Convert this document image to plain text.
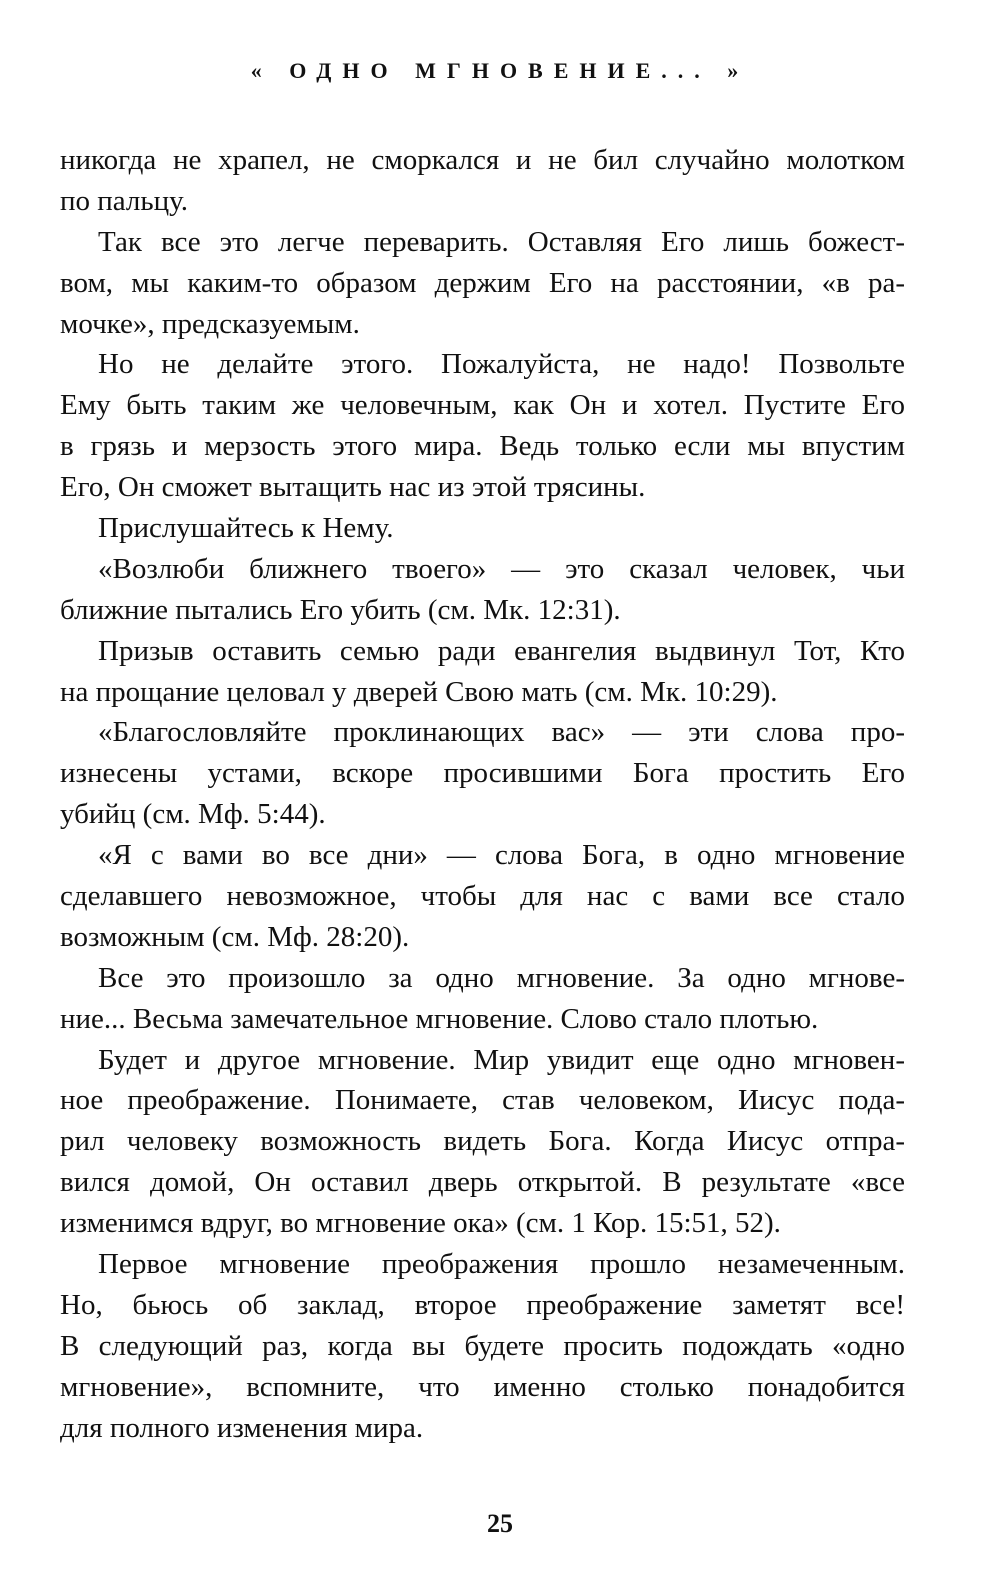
« ОДНО МГНОВЕНИЕ... »
никогда не храпел, не сморкался и не бил случайно молотком
по пальцу.
Так все это легче переварить. Оставляя Его лишь божест-
вом, мы каким-то образом держим Его на расстоянии, «в ра-
мочке», предсказуемым.
Но не делайте этого. Пожалуйста, не надо! Позвольте
Ему быть таким же человечным, как Он и хотел. Пустите Его
в грязь и мерзость этого мира. Ведь только если мы впустим
Его, Он сможет вытащить нас из этой трясины.
Прислушайтесь к Нему.
«Возлюби ближнего твоего» — это сказал человек, чьи
ближние пытались Его убить (см. Мк. 12:31).
Призыв оставить семью ради евангелия выдвинул Тот, Кто
на прощание целовал у дверей Свою мать (см. Мк. 10:29).
«Благословляйте проклинающих вас» — эти слова про-
изнесены устами, вскоре просившими Бога простить Его
убийц (см. Мф. 5:44).
«Я с вами во все дни» — слова Бога, в одно мгновение
сделавшего невозможное, чтобы для нас с вами все стало
возможным (см. Мф. 28:20).
Все это произошло за одно мгновение. За одно мгнове-
ние... Весьма замечательное мгновение. Слово стало плотью.
Будет и другое мгновение. Мир увидит еще одно мгновен-
ное преображение. Понимаете, став человеком, Иисус пода-
рил человеку возможность видеть Бога. Когда Иисус отпра-
вился домой, Он оставил дверь открытой. В результате «все
изменимся вдруг, во мгновение ока» (см. 1 Кор. 15:51, 52).
Первое мгновение преображения прошло незамеченным.
Но, бьюсь об заклад, второе преображение заметят все!
В следующий раз, когда вы будете просить подождать «одно
мгновение», вспомните, что именно столько понадобится
для полного изменения мира.
25
